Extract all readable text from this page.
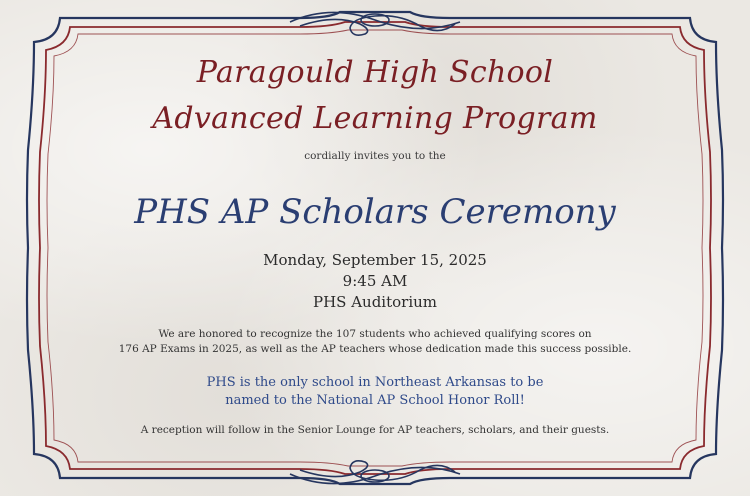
Paragould High School
Advanced Learning Program
cordially invites you to the
PHS AP Scholars Ceremony
Monday, September 15, 2025
9:45 AM
PHS Auditorium
We are honored to recognize the 107 students who achieved qualifying scores on
176 AP Exams in 2025, as well as the AP teachers whose dedication made this success possible.
PHS is the only school in Northeast Arkansas to be
named to the National AP School Honor Roll!
A reception will follow in the Senior Lounge for AP teachers, scholars, and their guests.
